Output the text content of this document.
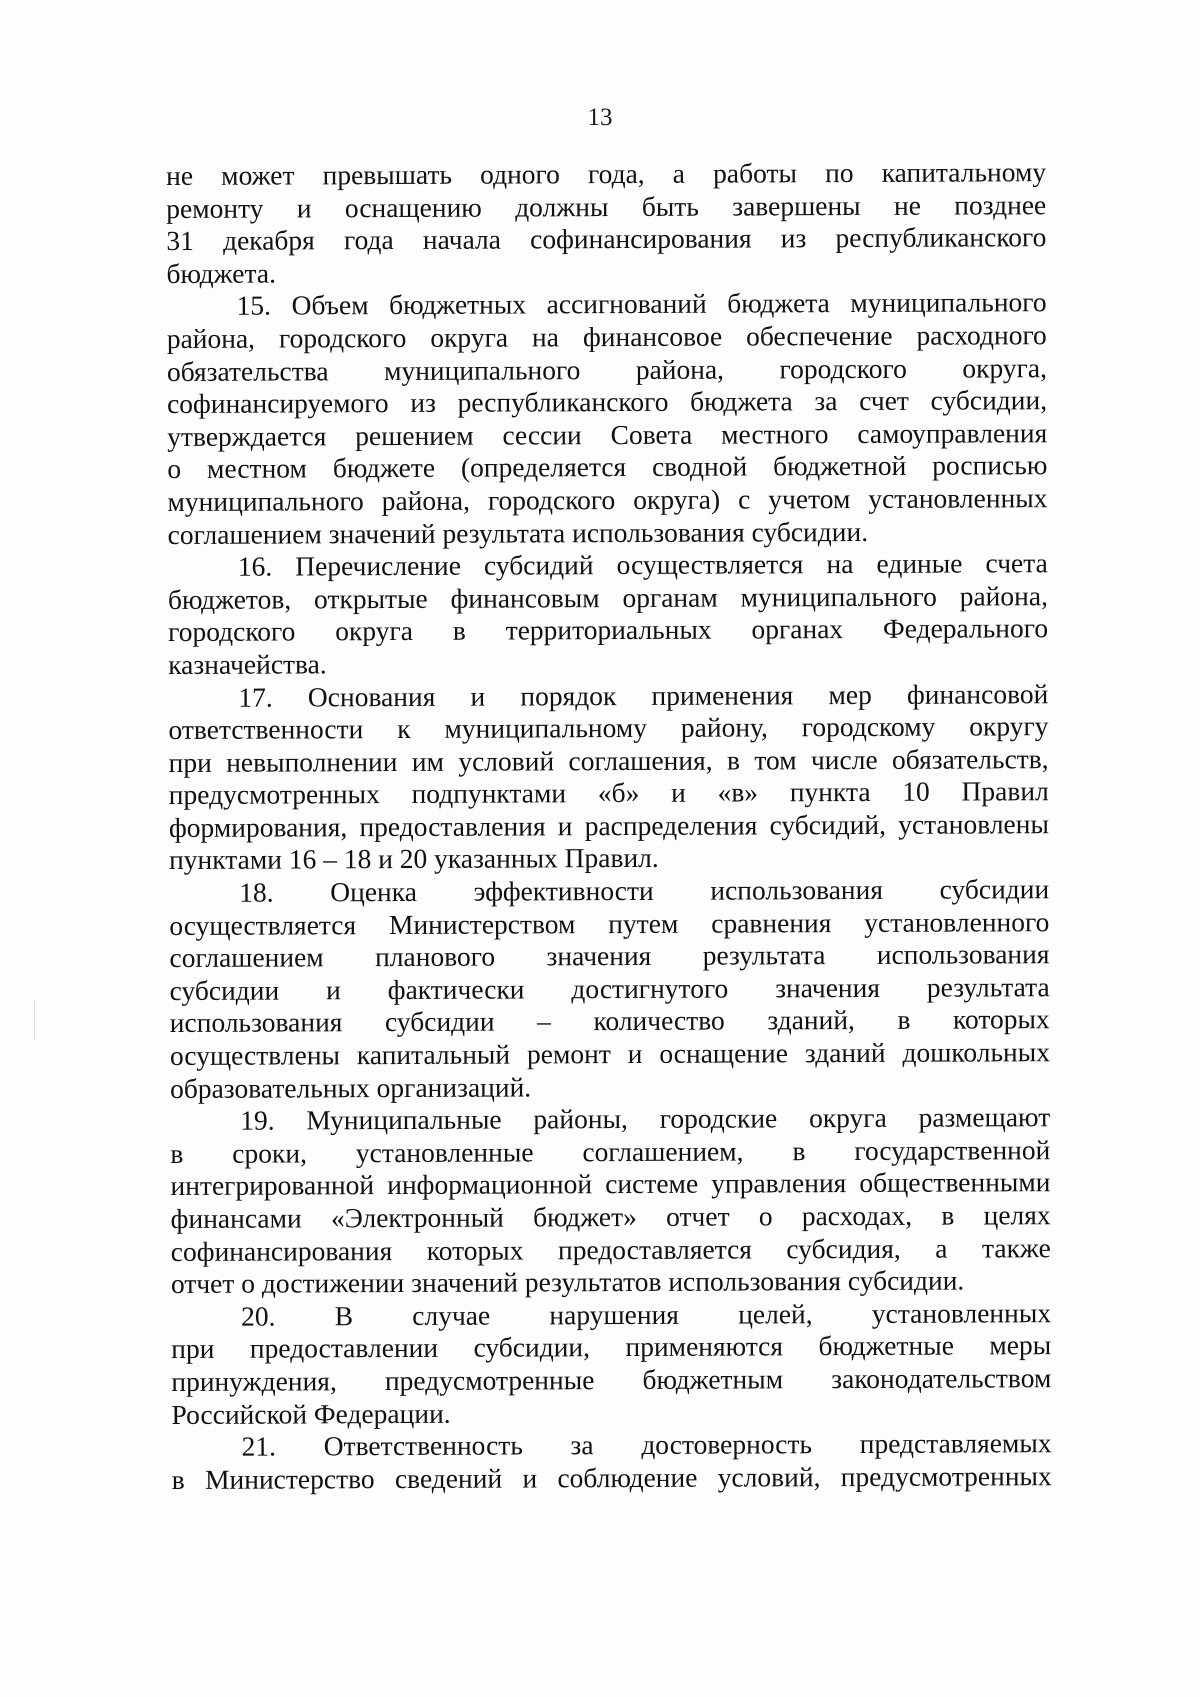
13

не может превышать одного года, а работы по капитальному
ремонту и оснащению должны быть завершены не позднее
31 декабря года начала софинансирования из республиканского
бюджета.

15. Объем бюджетных ассигнований бюджета муниципального
района, городского округа на финансовое обеспечение расходного
обязательства муниципального района, городского округа,
софинансируемого из республиканского бюджета за счет субсидии,
утверждается решением сессии Совета местного самоуправления
о местном бюджете (определяется сводной бюджетной росписью
муниципального района, городского округа) с учетом установленных
соглашением значений результата использования субсидии.

16. Перечисление субсидий осуществляется на единые счета
бюджетов, открытые финансовым органам муниципального района,
городского округа в территориальных органах Федерального
казначейства.

17. Основания и порядок применения мер финансовой
ответственности к муниципальному району, городскому округу
при невыполнении им условий соглашения, в том числе обязательств,
предусмотренных подпунктами «б» и «в» пункта 10 Правил
формирования, предоставления и распределения субсидий, установлены
пунктами 16 – 18 и 20 указанных Правил.

18. Оценка эффективности использования субсидии
осуществляется Министерством путем сравнения установленного
соглашением планового значения результата использования
субсидии и фактически достигнутого значения результата
использования субсидии – количество зданий, в которых
осуществлены капитальный ремонт и оснащение зданий дошкольных
образовательных организаций.

19. Муниципальные районы, городские округа размещают
в сроки, установленные соглашением, в государственной
интегрированной информационной системе управления общественными
финансами «Электронный бюджет» отчет о расходах, в целях
софинансирования которых предоставляется субсидия, а также
отчет о достижении значений результатов использования субсидии.

20. В случае нарушения целей, установленных
при предоставлении субсидии, применяются бюджетные меры
принуждения, предусмотренные бюджетным законодательством
Российской Федерации.

21. Ответственность за достоверность представляемых
в Министерство сведений и соблюдение условий, предусмотренных
